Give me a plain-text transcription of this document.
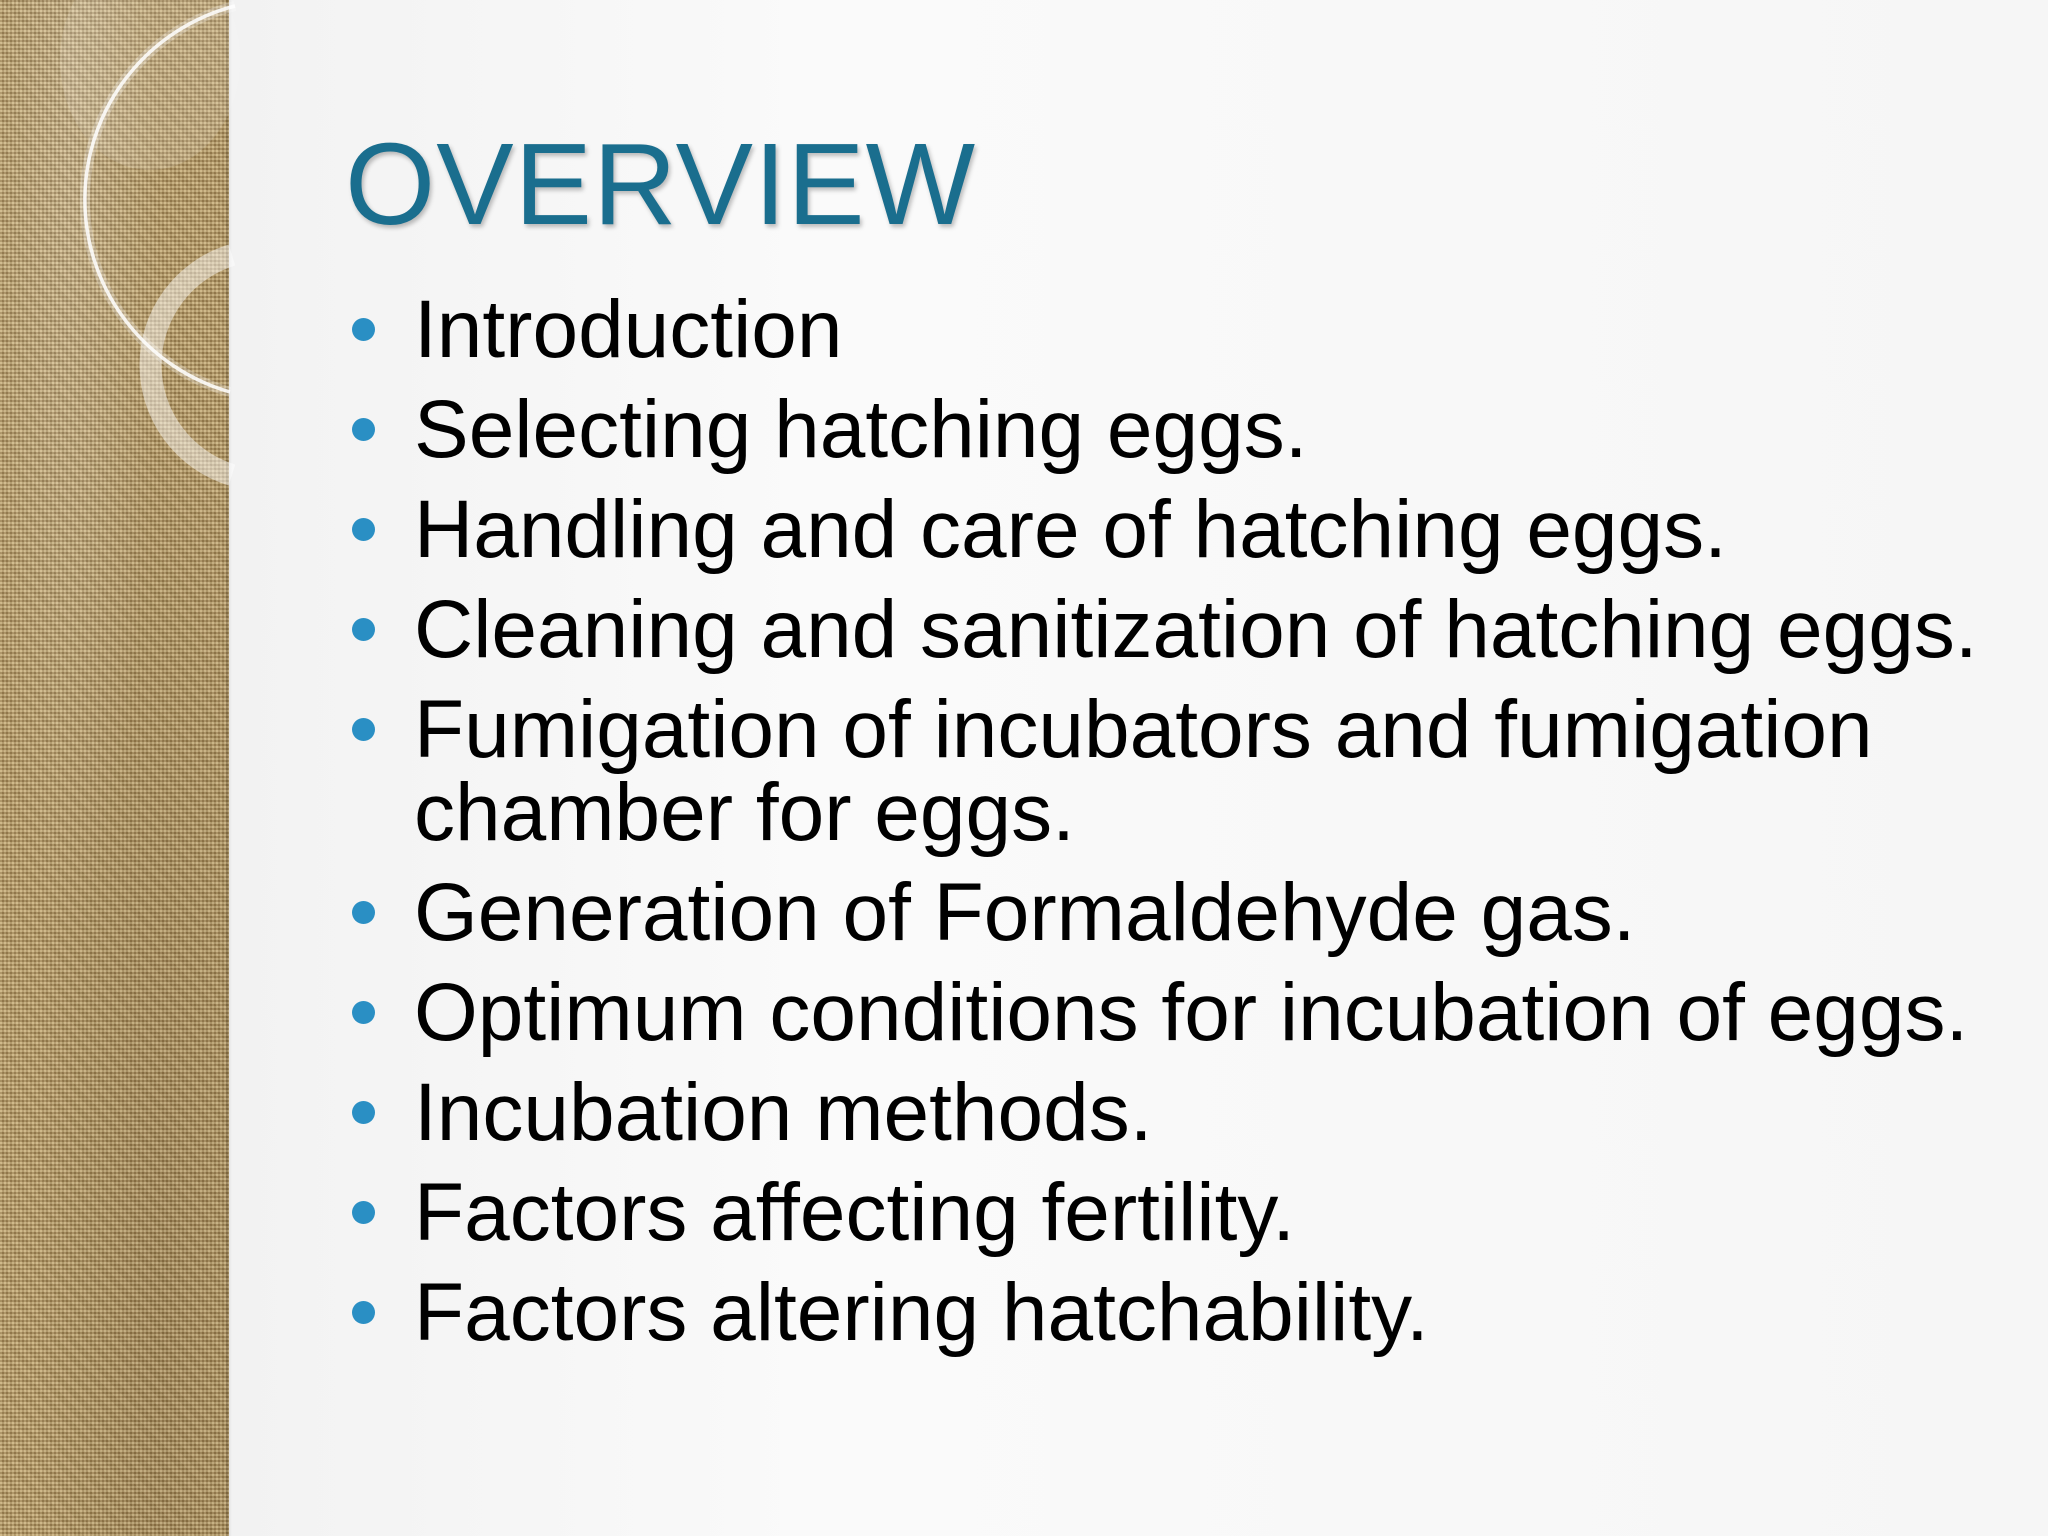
OVERVIEW
Introduction
Selecting hatching eggs.
Handling and care of hatching eggs.
Cleaning and sanitization of hatching eggs.
Fumigation of incubators and fumigation chamber for eggs.
Generation of Formaldehyde gas.
Optimum conditions for incubation of eggs.
Incubation methods.
Factors affecting fertility.
Factors altering hatchability.
